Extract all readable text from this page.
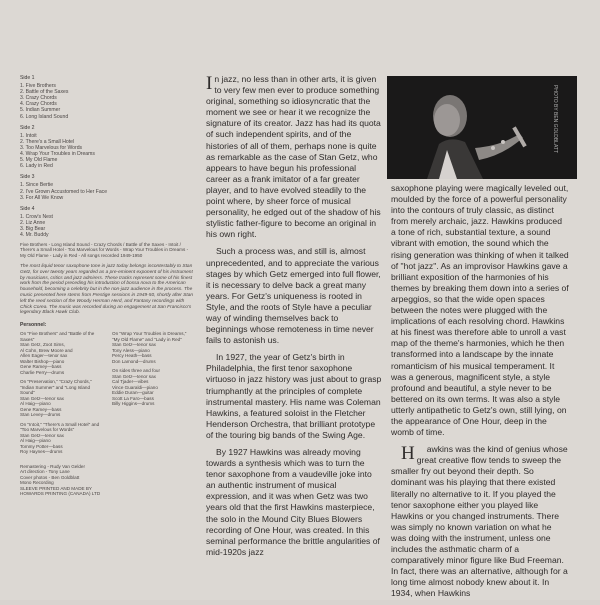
Side 1
1. Five Brothers
2. Battle of the Saxes
3. Crazy Chords
4. Crazy Chords
5. Indian Summer
6. Long Island Sound
Side 2
1. Intoit
2. There's a Small Hotel
3. Too Marvelous for Words
4. Wrap Your Troubles in Dreams
5. My Old Flame
6. Lady in Red
Side 3
1. Since Bertie
2. I've Grown Accustomed to Her Face
3. For All We Know
Side 4
1. Crow's Nest
2. Liz Anne
3. Big Bear
4. Mr. Buddy
Five Brothers - Long Island Sound - Crazy Chords / Battle of the Saxes - Intoit / There's a Small Hotel - Too Marvelous for Words - Wrap Your Troubles in Dreams - My Old Flame - Lady in Red - All songs recorded 1949-1950
The most liquid tenor saxophone tone in jazz today belongs incontestably to Stan Getz, for over twenty years regarded as a pre-eminent exponent of his instrument by musicians, critics and jazz admirers. These tracks represent some of his finest work from the period preceding his introduction of bossa nova to the American household, becoming a celebrity but in the non-jazz audience in the process. The music presented here stems from Prestige sessions in 1949-50, shortly after Stan left the reed section of the Woody Herman Herd, and Fantasy recordings with Chick Corea. The music was recorded during an engagement at San Francisco's legendary Black Hawk Club.
Personnel:
On "Five Brothers" and "Battle of the Saxes"
Stan Getz, Zoot Sims,
Al Cohn, Brew Moore and
Allen Eager—tenor sax
Walter Bishop—piano
Gene Ramey—bass
Charlie Perry—drums
On "Preservation," "Crazy Chords," "Indian Summer" and "Long Island Sound"
Stan Getz—tenor sax
Al Haig—piano
Gene Ramey—bass
Stan Levey—drums
On "Intoit," "There's a Small Hotel" and "Too Marvelous for Words"
Stan Getz—tenor sax
Al Haig—piano
Tommy Potter—bass
Roy Haynes—drums
On "Wrap Your Troubles in Dreams," "My Old Flame" and "Lady in Red"
Stan Getz—tenor sax
Tony Aless—piano
Percy Heath—bass
Don Lamond—drums
On sides three and four
Stan Getz—tenor sax
Cal Tjader—vibes
Vince Guaraldi—piano
Eddie Duran—guitar
Scott La Faro—bass
Billy Higgins—drums
Remastering - Rudy Van Gelder
Art direction - Tony Lane
Cover photos - Ben Goldblatt
Mono Recording
SLEEVE PRINTED AND MADE BY
HOWARDS PRINTING (CANADA) LTD

In jazz, no less than in other arts, it is given to very few men ever to produce something original, something so idiosyncratic that the moment we see or hear it we recognize the signature of its creator. Jazz has had its quota of such independent spirits, and of the histories of all of them, perhaps none is quite as remarkable as the case of Stan Getz, who appears to have begun his professional career as a frank imitator of a far greater player, and to have evolved steadily to the point where, by sheer force of musical personality, he edged out of the shadow of his stylistic father-figure to become an original in his own right.

Such a process was, and still is, almost unprecedented, and to appreciate the various stages by which Getz emerged into full flower, it is necessary to delve back a great many years. For Getz's uniqueness is rooted in Style, and the roots of Style have a peculiar way of winding themselves back to beginnings whose remoteness in time never fails to astonish us.

In 1927, the year of Getz's birth in Philadelphia, the first tenor saxophone virtuoso in jazz history was just about to grasp triumphantly at the principles of complete instrumental mastery. His name was Coleman Hawkins, a featured soloist in the Fletcher Henderson Orchestra, that brilliant prototype of the touring big bands of the Swing Age.

By 1927 Hawkins was already moving towards a synthesis which was to turn the tenor saxophone from a vaudeville joke into an authentic instrument of musical expression, and it was when Getz was two years old that the first Hawkins masterpiece, the solo in the Mound City Blues Blowers recording of One Hour, was created. In this seminal performance the brittle angularities of mid-1920s jazz

PHOTO BY BEN GOLDBLATT

saxophone playing were magically leveled out, moulded by the force of a powerful personality into the contours of truly classic, as distinct from merely archaic, jazz. Hawkins produced a tone of rich, substantial texture, a sound vibrant with emotion, the sound which the rising generation was thinking of when it talked of "hot jazz". As an improvisor Hawkins gave a brilliant exposition of the harmonies of his themes by breaking them down into a series of arpeggios, so that the wide open spaces between the notes were plugged with the implications of each resolving chord. Hawkins at his finest was therefore able to unroll a vast map of the theme's harmonies, which he then transformed into a landscape by the innate romanticism of his musical temperament. It was a generous, magnificent style, a style profound and beautiful, a style never to be bettered on its own terms. It was also a style utterly antipathetic to Getz's own, still lying, on the appearance of One Hour, deep in the womb of time.

H awkins was the kind of genius whose great creative flow tends to sweep the smaller fry out beyond their depth. So dominant was his playing that there existed literally no alternative to it. If you played the tenor saxophone either you played like Hawkins or you changed instruments. There was simply no known variation on what he was doing with the instrument, unless one includes the asthmatic charm of a comparatively minor figure like Bud Freeman. In fact, there was an alternative, although for a long time almost nobody knew about it. In 1934, when Hawkins
